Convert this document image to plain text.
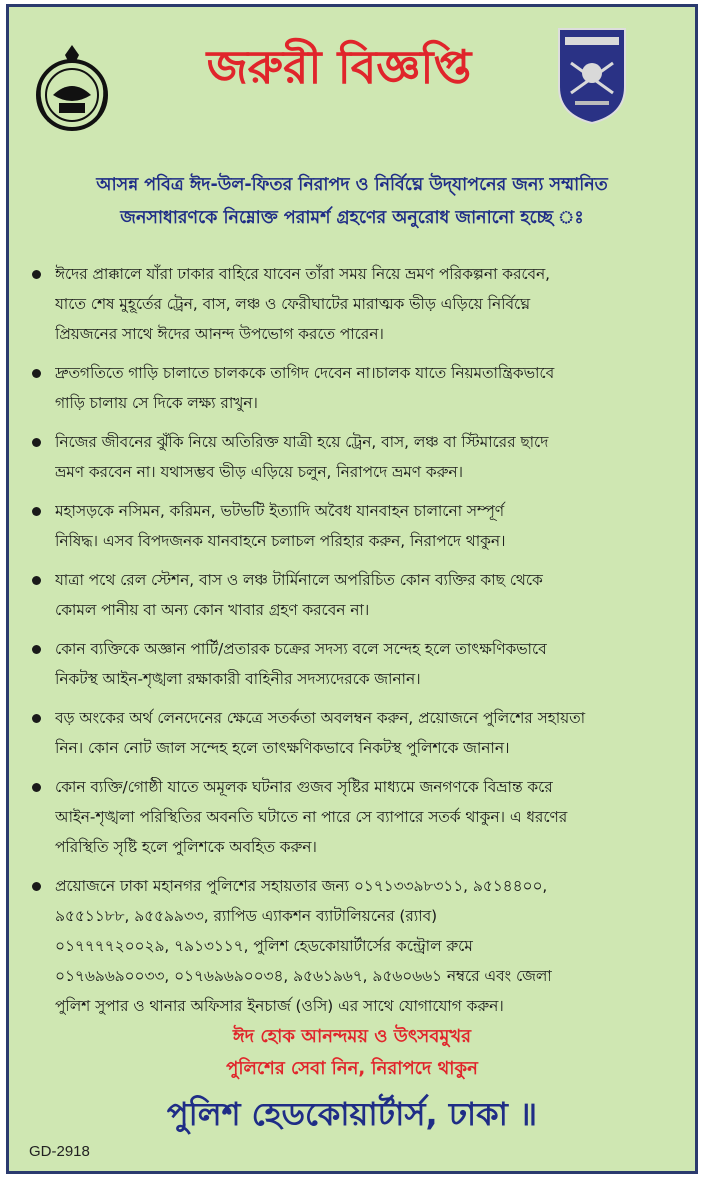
জরুরী বিজ্ঞপ্তি
আসন্ন পবিত্র ঈদ-উল-ফিতর নিরাপদ ও নির্বিঘ্নে উদ্‌যাপনের জন্য সম্মানিত
জনসাধারণকে নিম্নোক্ত পরামর্শ গ্রহণের অনুরোধ জানানো হচ্ছে ঃ
ঈদের প্রাক্কালে যাঁরা ঢাকার বাহিরে যাবেন তাঁরা সময় নিয়ে ভ্রমণ পরিকল্পনা করবেন,
যাতে শেষ মুহূর্তের ট্রেন, বাস, লঞ্চ ও ফেরীঘাটের মারাত্মক ভীড় এড়িয়ে নির্বিঘ্নে
প্রিয়জনের সাথে ঈদের আনন্দ উপভোগ করতে পারেন।
দ্রুতগতিতে গাড়ি চালাতে চালককে তাগিদ দেবেন না।চালক যাতে নিয়মতান্ত্রিকভাবে
গাড়ি চালায় সে দিকে লক্ষ্য রাখুন।
নিজের জীবনের ঝুঁকি নিয়ে অতিরিক্ত যাত্রী হয়ে ট্রেন, বাস, লঞ্চ বা স্টিমারের ছাদে
ভ্রমণ করবেন না। যথাসম্ভব ভীড় এড়িয়ে চলুন, নিরাপদে ভ্রমণ করুন।
মহাসড়কে নসিমন, করিমন, ভটভটি ইত্যাদি অবৈধ যানবাহন চালানো সম্পূর্ণ
নিষিদ্ধ। এসব বিপদজনক যানবাহনে চলাচল পরিহার করুন, নিরাপদে থাকুন।
যাত্রা পথে রেল স্টেশন, বাস ও লঞ্চ টার্মিনালে অপরিচিত কোন ব্যক্তির কাছ থেকে
কোমল পানীয় বা অন্য কোন খাবার গ্রহণ করবেন না।
কোন ব্যক্তিকে অজ্ঞান পার্টি/প্রতারক চক্রের সদস্য বলে সন্দেহ হলে তাৎক্ষণিকভাবে
নিকটস্থ আইন-শৃঙ্খলা রক্ষাকারী বাহিনীর সদস্যদেরকে জানান।
বড় অংকের অর্থ লেনদেনের ক্ষেত্রে সতর্কতা অবলম্বন করুন, প্রয়োজনে পুলিশের সহায়তা
নিন। কোন নোট জাল সন্দেহ হলে তাৎক্ষণিকভাবে নিকটস্থ পুলিশকে জানান।
কোন ব্যক্তি/গোষ্ঠী যাতে অমূলক ঘটনার গুজব সৃষ্টির মাধ্যমে জনগণকে বিভ্রান্ত করে
আইন-শৃঙ্খলা পরিস্থিতির অবনতি ঘটাতে না পারে সে ব্যাপারে সতর্ক থাকুন। এ ধরণের
পরিস্থিতি সৃষ্টি হলে পুলিশকে অবহিত করুন।
প্রয়োজনে ঢাকা মহানগর পুলিশের সহায়তার জন্য ০১৭১৩৩৯৮৩১১, ৯৫১৪৪০০,
৯৫৫১১৮৮, ৯৫৫৯৯৩৩, র‍্যাপিড এ্যাকশন ব্যাটালিয়নের (র‍্যাব)
০১৭৭৭৭২০০২৯, ৭৯১৩১১৭, পুলিশ হেডকোয়ার্টার্সের কন্ট্রোল রুমে
০১৭৬৯৬৯০০৩৩, ০১৭৬৯৬৯০০৩৪, ৯৫৬১৯৬৭, ৯৫৬০৬৬১ নম্বরে এবং জেলা
পুলিশ সুপার ও থানার অফিসার ইনচার্জ (ওসি) এর সাথে যোগাযোগ করুন।
ঈদ হোক আনন্দময় ও উৎসবমুখর
পুলিশের সেবা নিন, নিরাপদে থাকুন
পুলিশ হেডকোয়ার্টার্স, ঢাকা ॥
GD-2918
